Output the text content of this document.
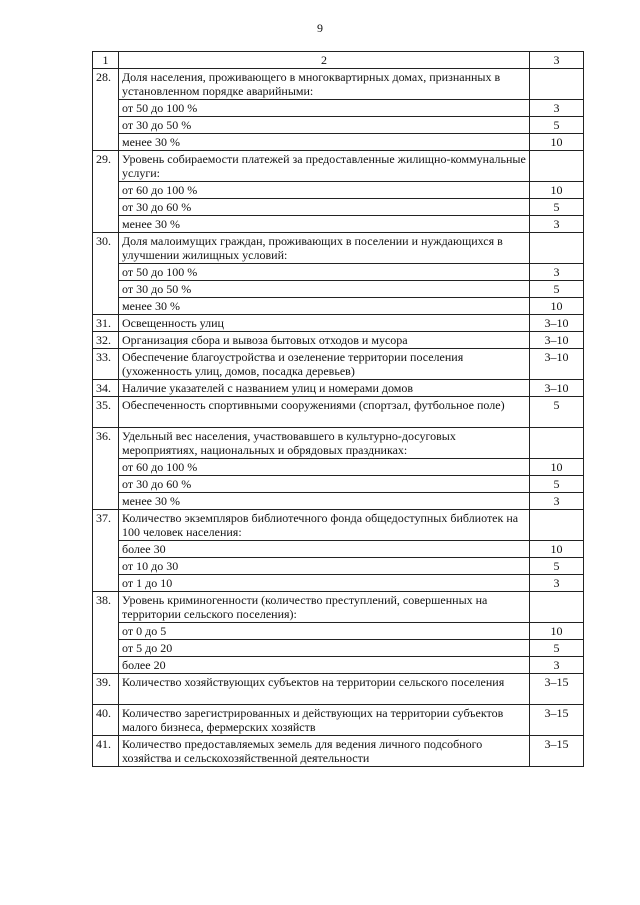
9
1	2	3
28.	Доля населения, проживающего в многоквартирных домах, признанных в установленном порядке аварийными:	
	от 50 до 100 %	3
	от 30 до 50 %	5
	менее 30 %	10
29.	Уровень собираемости платежей за предоставленные жилищно-коммунальные услуги:	
	от 60 до 100 %	10
	от 30 до 60 %	5
	менее 30 %	3
30.	Доля малоимущих граждан, проживающих в поселении и нуждающихся в улучшении жилищных условий:	
	от 50 до 100 %	3
	от 30 до 50 %	5
	менее 30 %	10
31.	Освещенность улиц	3–10
32.	Организация сбора и вывоза бытовых отходов и мусора	3–10
33.	Обеспечение благоустройства и озеленение территории поселения (ухоженность улиц, домов, посадка деревьев)	3–10
34.	Наличие указателей с названием улиц и номерами домов	3–10
35.	Обеспеченность спортивными сооружениями (спортзал, футбольное поле)	5
36.	Удельный вес населения, участвовавшего в культурно-досуговых мероприятиях, национальных и обрядовых праздниках:	
	от 60 до 100 %	10
	от 30 до 60 %	5
	менее 30 %	3
37.	Количество экземпляров библиотечного фонда общедоступных библиотек на 100 человек населения:	
	более 30	10
	от 10 до 30	5
	от 1 до 10	3
38.	Уровень криминогенности (количество преступлений, совершенных на территории сельского поселения):	
	от 0 до 5	10
	от 5 до 20	5
	более 20	3
39.	Количество хозяйствующих субъектов на территории сельского поселения	3–15
40.	Количество зарегистрированных и действующих на территории субъектов малого бизнеса, фермерских хозяйств	3–15
41.	Количество предоставляемых земель для ведения личного подсобного хозяйства и сельскохозяйственной деятельности	3–15
